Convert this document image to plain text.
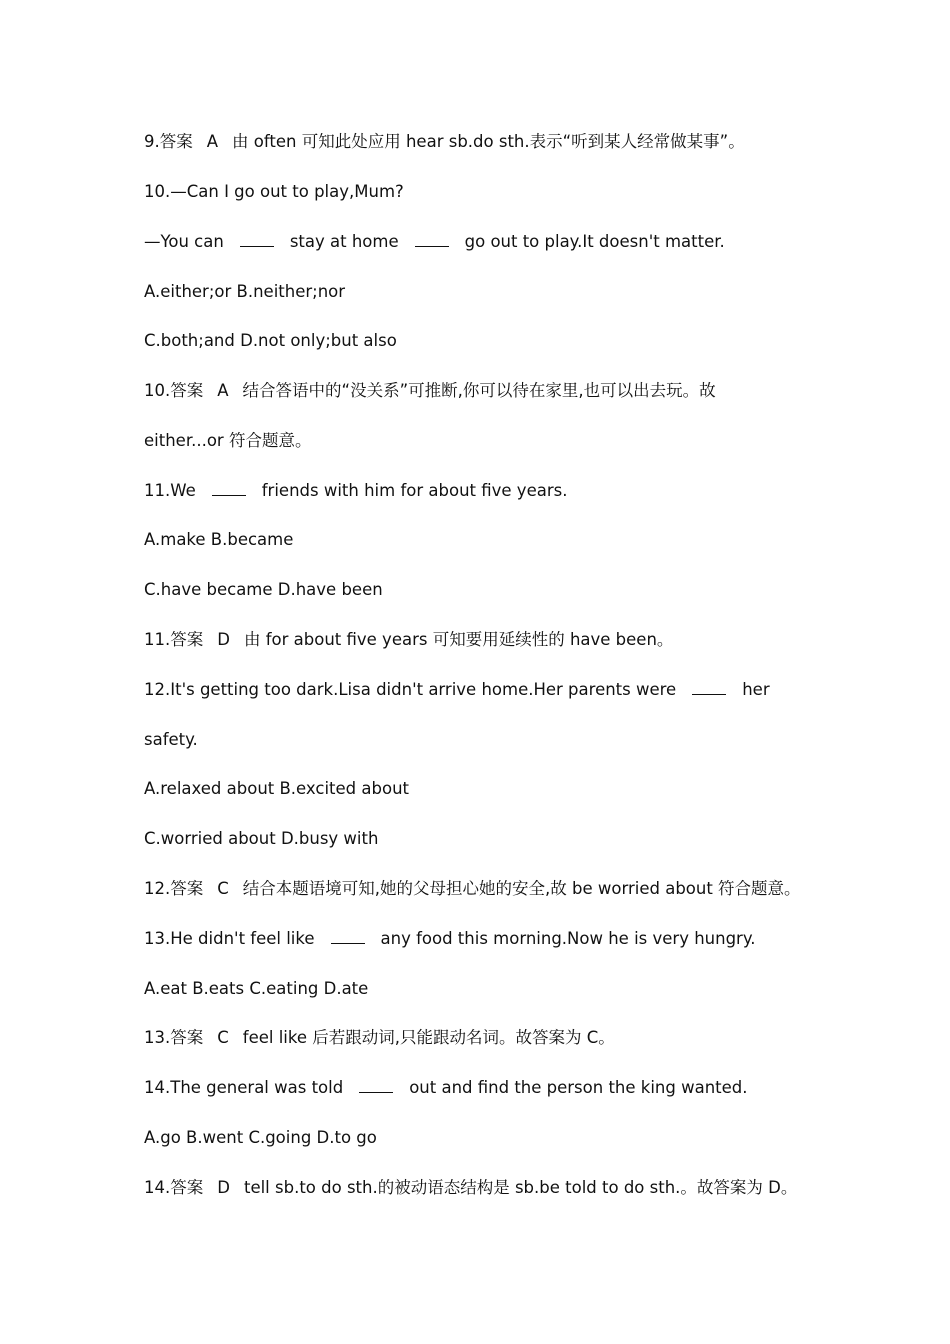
9.答案 A 由 often 可知此处应用 hear sb.do sth.表示“听到某人经常做某事”。
10.—Can I go out to play,Mum?
—You can	stay at home	go out to play.It doesn't matter.
A.either;or B.neither;nor
C.both;and D.not only;but also
10.答案 A 结合答语中的“没关系”可推断,你可以待在家里,也可以出去玩。故
either...or 符合题意。
11.We	friends with him for about five years.
A.make B.became
C.have became D.have been
11.答案 D 由 for about five years 可知要用延续性的 have been。
12.It's getting too dark.Lisa didn't arrive home.Her parents were	her
safety.
A.relaxed about B.excited about
C.worried about D.busy with
12.答案 C 结合本题语境可知,她的父母担心她的安全,故 be worried about 符合题意。
13.He didn't feel like	any food this morning.Now he is very hungry.
A.eat B.eats C.eating D.ate
13.答案 C feel like 后若跟动词,只能跟动名词。故答案为 C。
14.The general was told	out and find the person the king wanted.
A.go B.went C.going D.to go
14.答案 D tell sb.to do sth.的被动语态结构是 sb.be told to do sth.。故答案为 D。
